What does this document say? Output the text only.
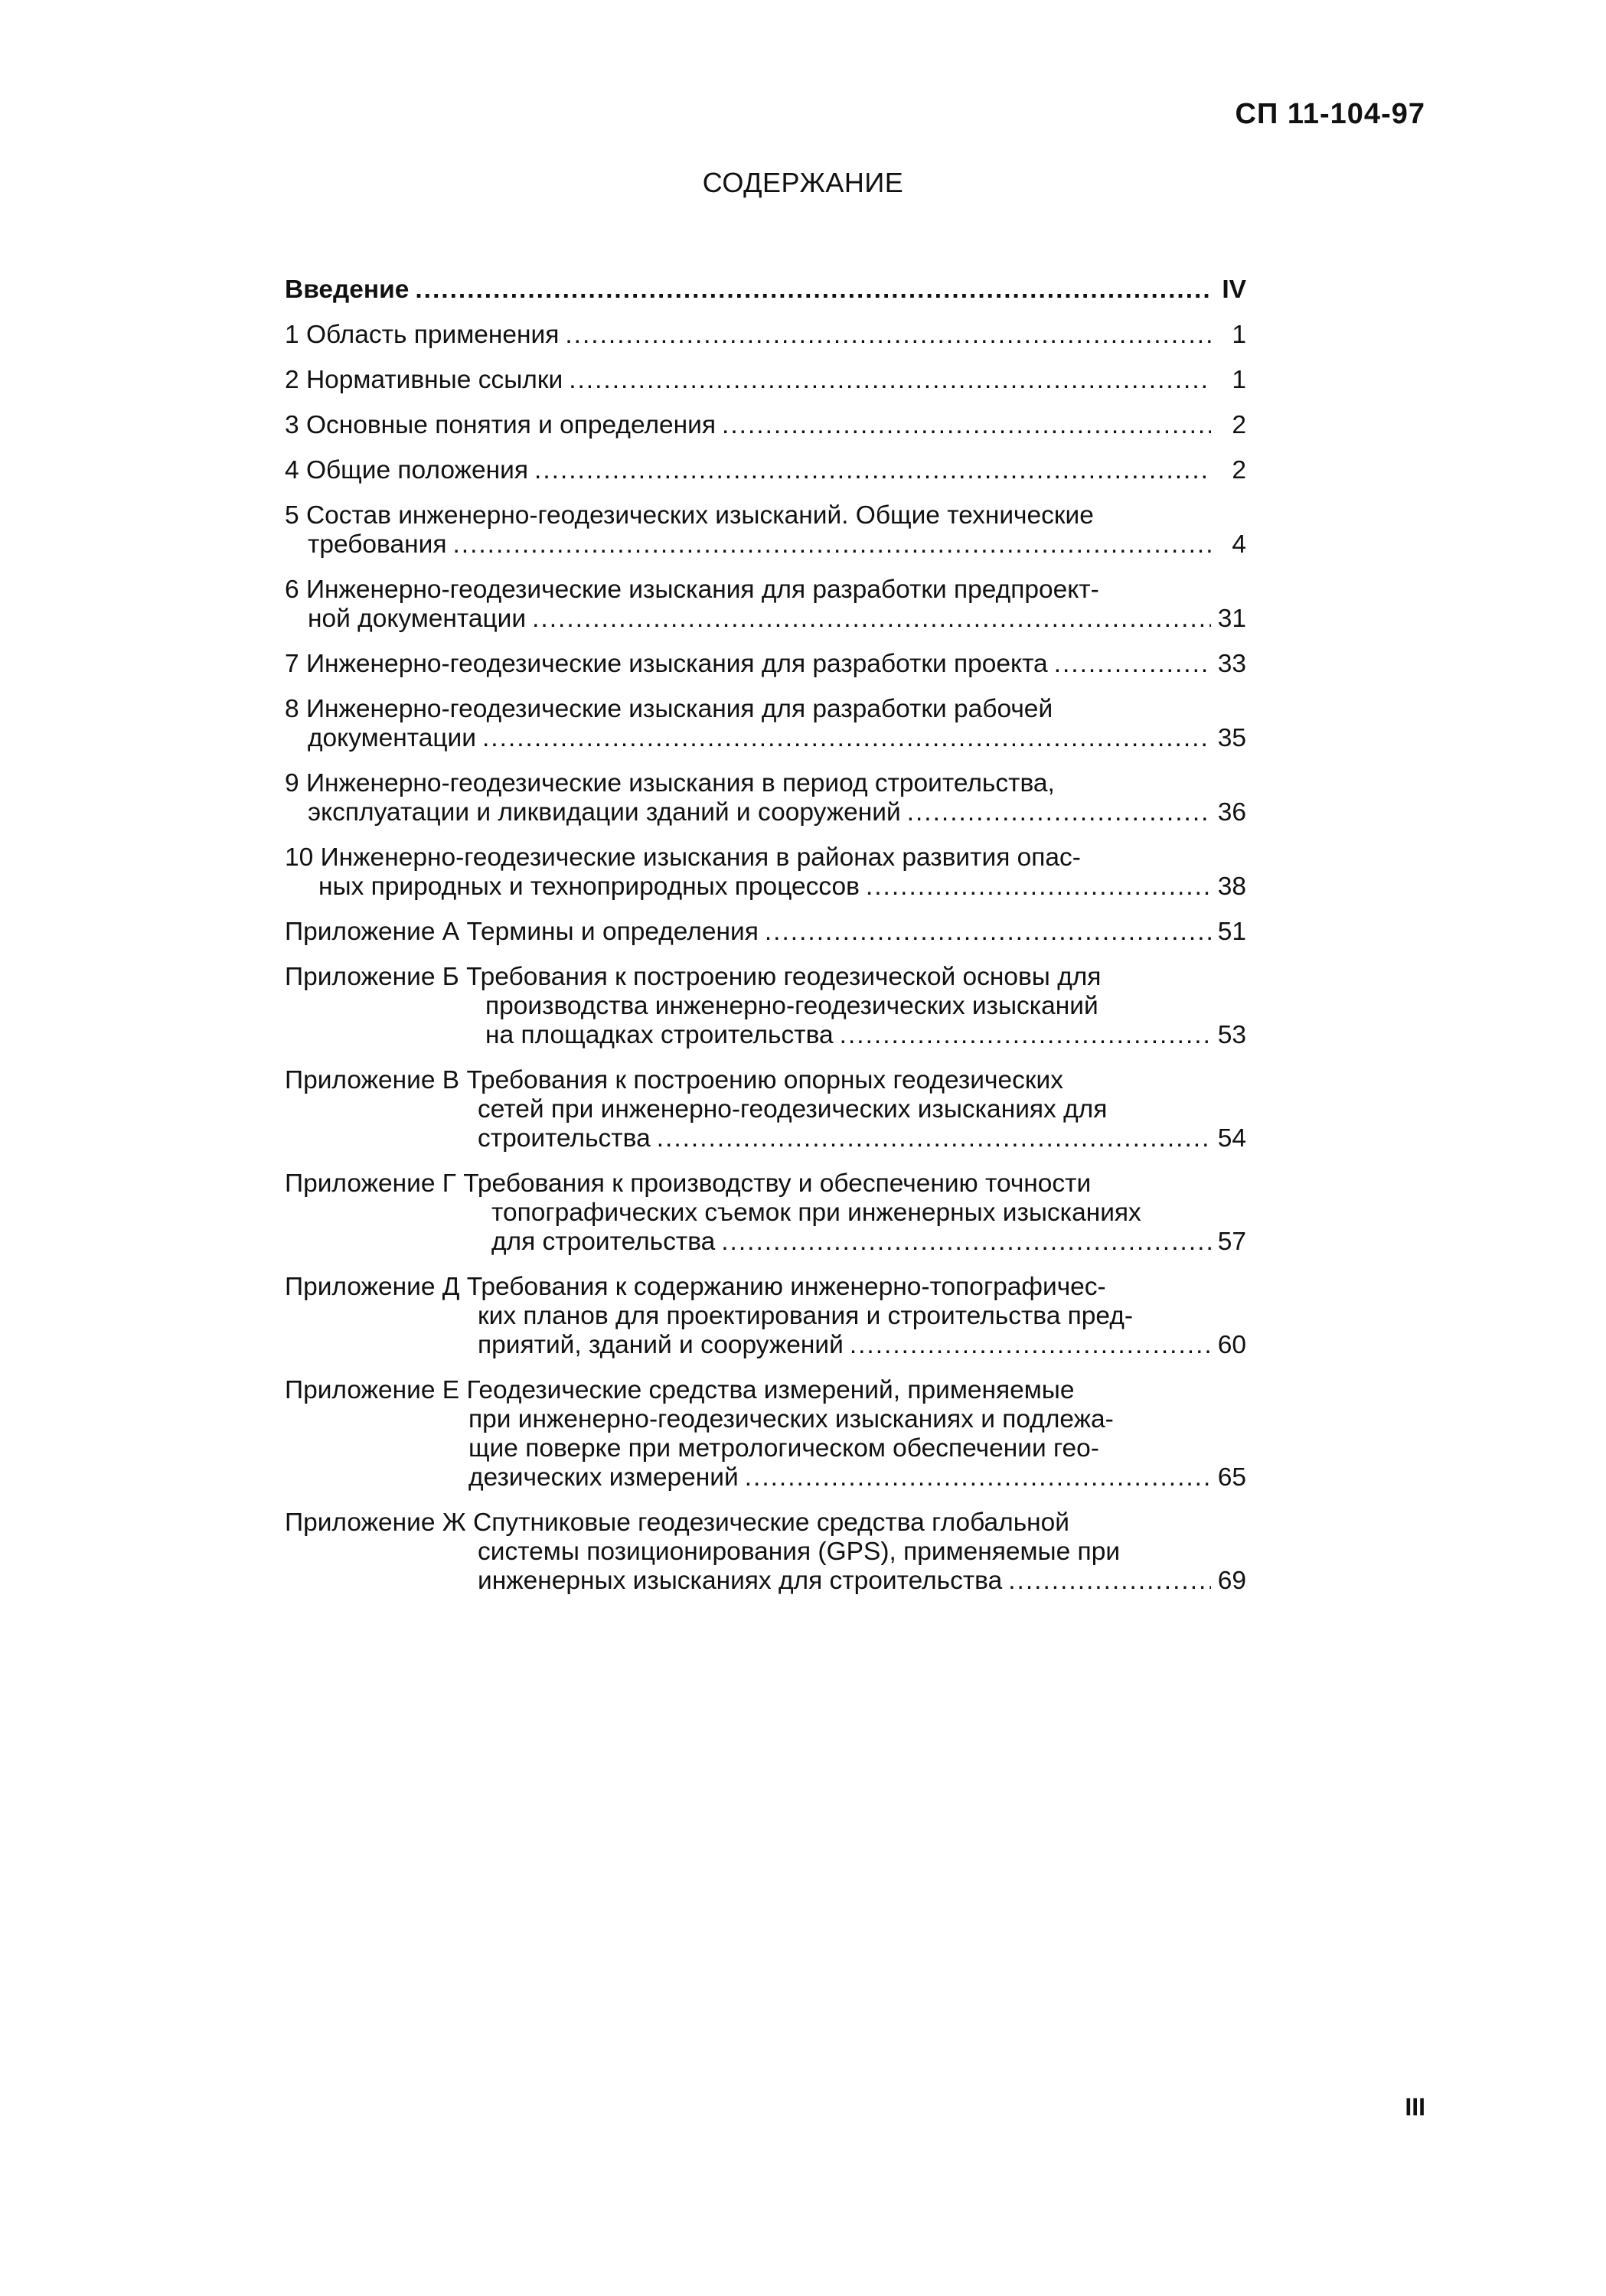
СП 11-104-97
СОДЕРЖАНИЕ
Введение .....	IV
1 Область применения .....	1
2 Нормативные ссылки .....	1
3 Основные понятия и определения .....	2
4 Общие положения .....	2
5 Состав инженерно-геодезических изысканий. Общие технические
требования .....	4
6 Инженерно-геодезические изыскания для разработки предпроект-
ной документации .....	31
7 Инженерно-геодезические изыскания для разработки проекта .....	33
8 Инженерно-геодезические изыскания для разработки рабочей
документации .....	35
9 Инженерно-геодезические изыскания в период строительства,
эксплуатации и ликвидации зданий и сооружений .....	36
10 Инженерно-геодезические изыскания в районах развития опас-
ных природных и техноприродных процессов .....	38
Приложение А Термины и определения .....	51
Приложение Б Требования к построению геодезической основы для
производства инженерно-геодезических изысканий
на площадках строительства .....	53
Приложение В Требования к построению опорных геодезических
сетей при инженерно-геодезических изысканиях для
строительства .....	54
Приложение Г Требования к производству и обеспечению точности
топографических съемок при инженерных изысканиях
для строительства .....	57
Приложение Д Требования к содержанию инженерно-топографичес-
ких планов для проектирования и строительства пред-
приятий, зданий и сооружений .....	60
Приложение Е Геодезические средства измерений, применяемые
при инженерно-геодезических изысканиях и подлежа-
щие поверке при метрологическом обеспечении гео-
дезических измерений .....	65
Приложение Ж Спутниковые геодезические средства глобальной
системы позиционирования (GPS), применяемые при
инженерных изысканиях для строительства .....	69
III
